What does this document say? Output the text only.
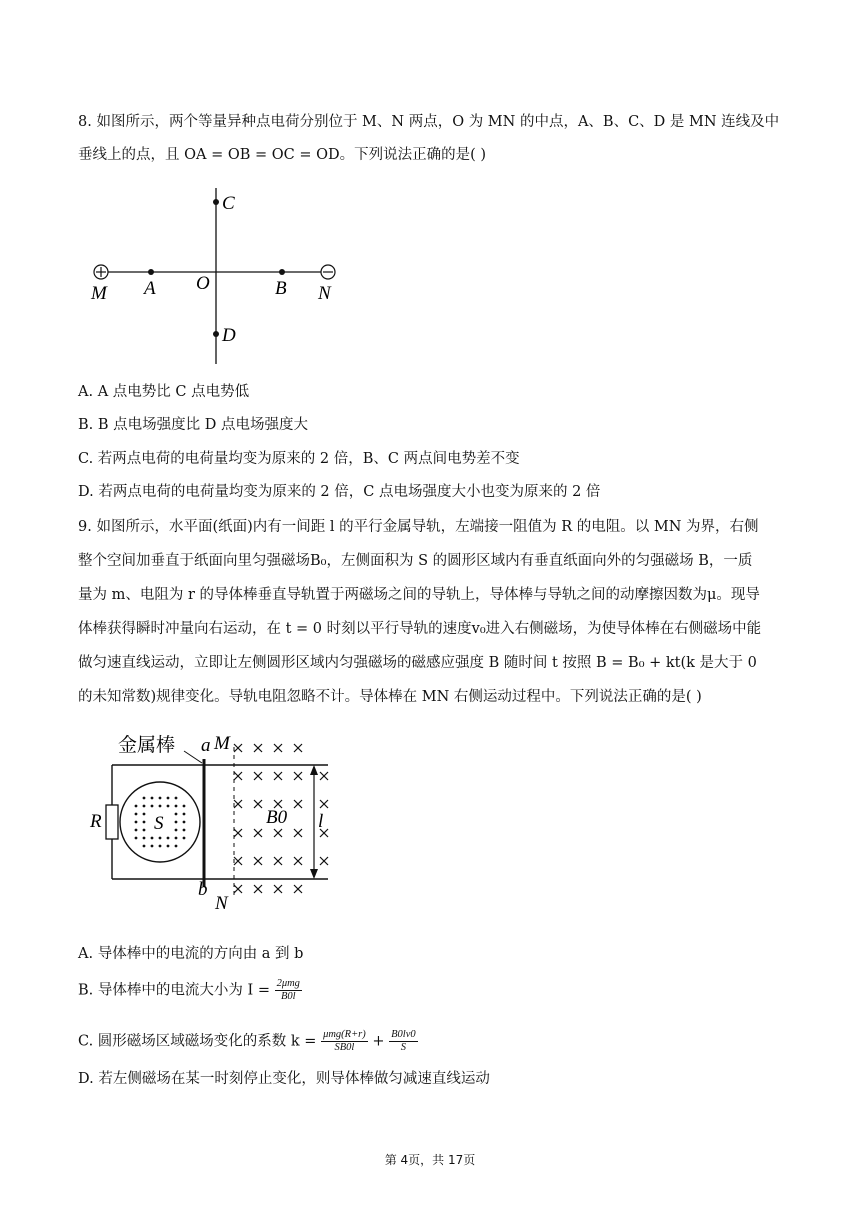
8. 如图所示，两个等量异种点电荷分别位于 M、N 两点，O 为 MN 的中点，A、B、C、D 是 MN 连线及中

垂线上的点，且 OA = OB = OC = OD。下列说法正确的是( )

M	N
A	B
O
C
D
A. A 点电势比 C 点电势低
B. B 点电场强度比 D 点电场强度大
C. 若两点电荷的电荷量均变为原来的 2 倍，B、C 两点间电势差不变
D. 若两点电荷的电荷量均变为原来的 2 倍，C 点电场强度大小也变为原来的 2 倍

9. 如图所示，水平面(纸面)内有一间距 l 的平行金属导轨，左端接一阻值为 R 的电阻。以 MN 为界，右侧

整个空间加垂直于纸面向里匀强磁场B₀，左侧面积为 S 的圆形区域内有垂直纸面向外的匀强磁场 B，一质

量为 m、电阻为 r 的导体棒垂直导轨置于两磁场之间的导轨上，导体棒与导轨之间的动摩擦因数为μ。现导

体棒获得瞬时冲量向右运动，在 t = 0 时刻以平行导轨的速度v₀进入右侧磁场，为使导体棒在右侧磁场中能

做匀速直线运动，立即让左侧圆形区域内匀强磁场的磁感应强度 B 随时间 t 按照 B = B₀ + kt(k 是大于 0

的未知常数)规律变化。导轨电阻忽略不计。导体棒在 MN 右侧运动过程中。下列说法正确的是( )

金属棒 a M
b
N
R	S	B0 l
A. 导体棒中的电流的方向由 a 到 b
B. 导体棒中的电流大小为 $I = \frac{\text{2μmg}}{B0l}$
C. 圆形磁场区域磁场变化的系数 $k = \frac{\text{μmg(R+r)}}{SB0l} + \frac{B0lv0}{S}$
D. 若左侧磁场在某一时刻停止变化，则导体棒做匀减速直线运动
第 4页，共 17页
